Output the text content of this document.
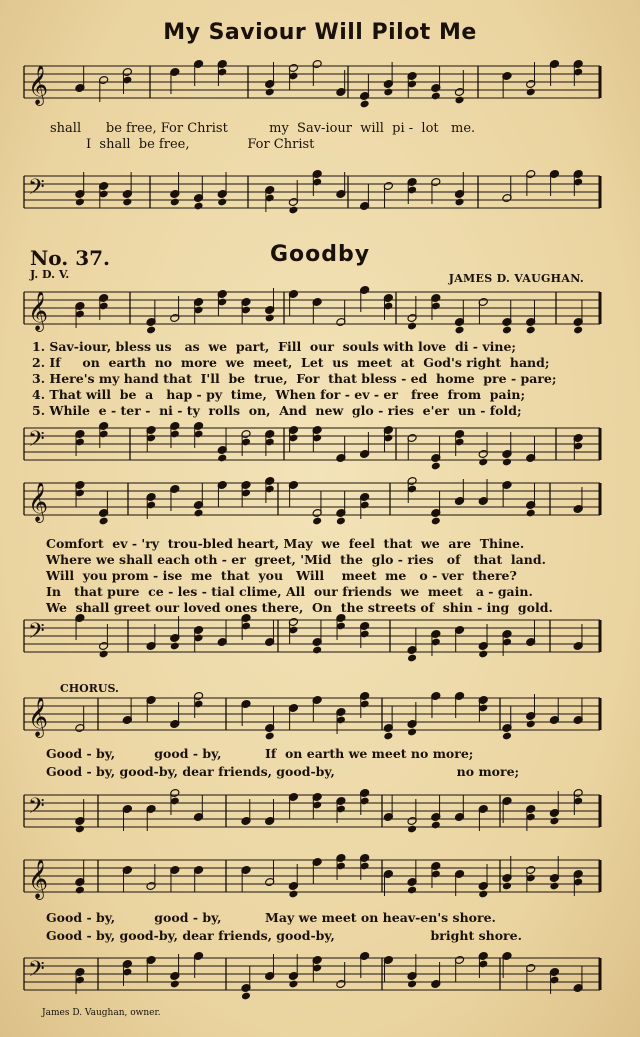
My Saviour Will Pilot Me
𝄞
𝄢
𝄞
𝄢
𝄞
𝄢
𝄞
𝄢
𝄞
𝄢
shall      be free, For Christ          my  Sav-iour  will  pi -  lot   me.
I  shall  be free,              For Christ
No. 37.	Goodby
J. D. V.	JAMES D. VAUGHAN.
1. Sav-iour, bless us   as  we  part,  Fill  our  souls with love  di - vine;
2. If     on  earth  no  more  we  meet,  Let  us  meet  at  God's right  hand;
3. Here's my hand that  I'll  be  true,  For  that bless - ed  home  pre - pare;
4. That will  be  a   hap - py  time,  When for - ev - er   free  from  pain;
5. While  e - ter -  ni - ty  rolls  on,  And  new  glo - ries  e'er  un - fold;
Comfort  ev - 'ry  trou-bled heart, May  we  feel  that  we  are  Thine.
Where we shall each oth - er  greet, 'Mid  the  glo - ries   of   that  land.
Will  you prom - ise  me  that  you   Will    meet  me   o - ver  there?
In   that pure  ce - les - tial clime, All  our friends  we  meet   a - gain.
We  shall greet our loved ones there,  On  the streets of  shin - ing  gold.
CHORUS.
Good - by,         good - by,          If  on earth we meet no more;
Good - by, good-by, dear friends, good-by,                            no more;
Good - by,         good - by,          May we meet on heav-en's shore.
Good - by, good-by, dear friends, good-by,                      bright shore.
James D. Vaughan, owner.
